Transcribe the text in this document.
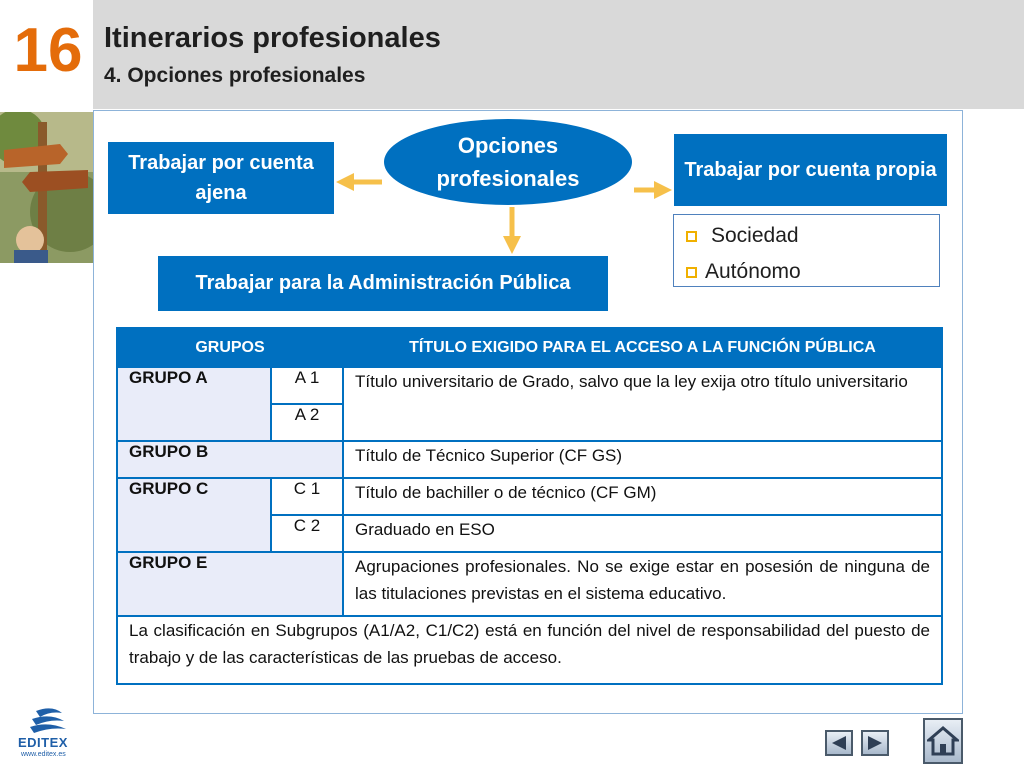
16 Itinerarios profesionales
4. Opciones profesionales
Opciones profesionales
Trabajar por cuenta ajena
Trabajar por cuenta propia
Trabajar para la Administración Pública
Sociedad
Autónomo
GRUPOS		TÍTULO EXIGIDO PARA EL ACCESO A LA FUNCIÓN PÚBLICA
GRUPO A	A 1	Título universitario de Grado, salvo que la ley exija otro título universitario
	A 2	
GRUPO B		Título de Técnico Superior (CF GS)
GRUPO C	C 1	Título de bachiller o de técnico (CF GM)
	C 2	Graduado en ESO
GRUPO E		Agrupaciones profesionales. No se exige estar en posesión de ninguna de las titulaciones previstas en el sistema educativo.
La clasificación en Subgrupos (A1/A2, C1/C2) está en función del nivel de responsabilidad del puesto de trabajo y de las características de las pruebas de acceso.		
EDITEX
www.editex.es
